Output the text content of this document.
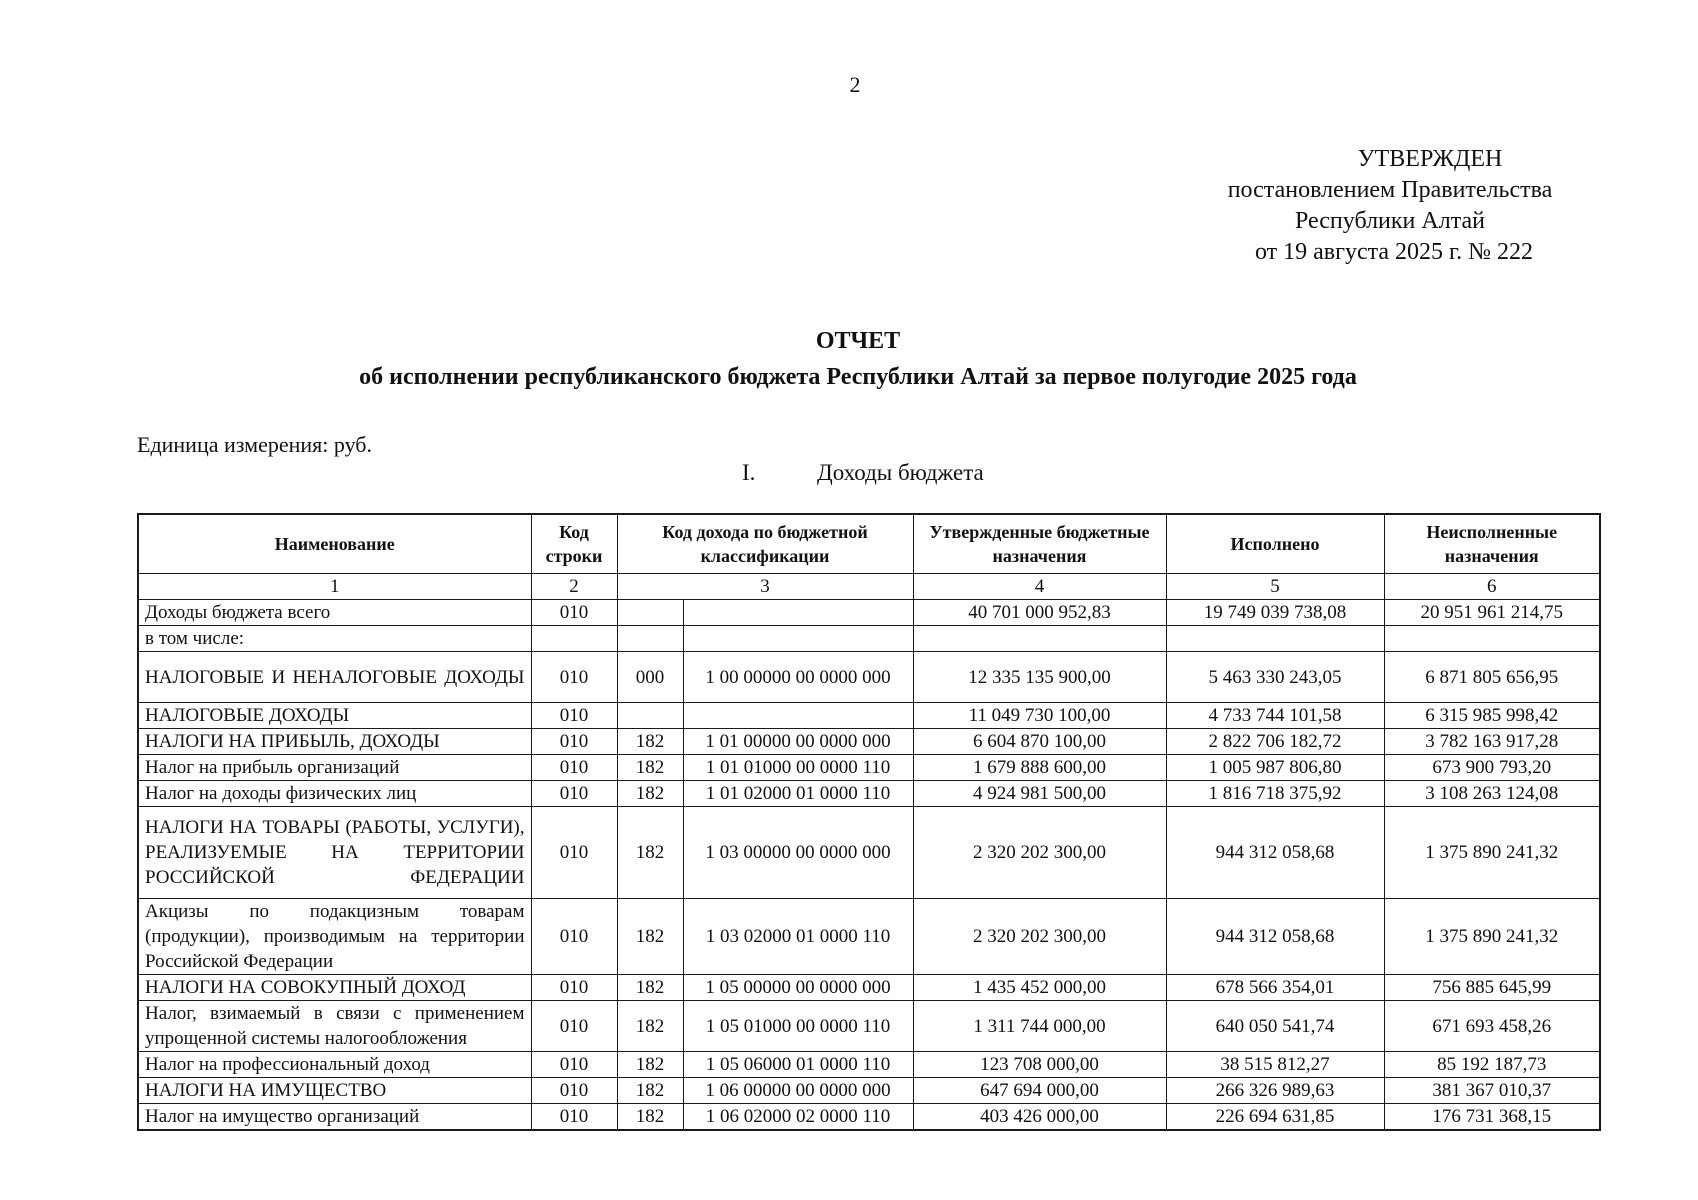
2
УТВЕРЖДЕН
постановлением Правительства
Республики Алтай
от 19 августа 2025 г. № 222
ОТЧЕТ
об исполнении республиканского бюджета Республики Алтай за первое полугодие 2025 года
Единица измерения: руб.
I.	Доходы бюджета
Наименование	Код строки	Код дохода по бюджетной классификации		Утвержденные бюджетные назначения	Исполнено	Неисполненные назначения
1	2	3		4	5	6
Доходы бюджета всего	010			40 701 000 952,83	19 749 039 738,08	20 951 961 214,75
в том числе:						
НАЛОГОВЫЕ И НЕНАЛОГОВЫЕ ДОХОДЫ	010	000	1 00 00000 00 0000 000	12 335 135 900,00	5 463 330 243,05	6 871 805 656,95
НАЛОГОВЫЕ ДОХОДЫ	010			11 049 730 100,00	4 733 744 101,58	6 315 985 998,42
НАЛОГИ НА ПРИБЫЛЬ, ДОХОДЫ	010	182	1 01 00000 00 0000 000	6 604 870 100,00	2 822 706 182,72	3 782 163 917,28
Налог на прибыль организаций	010	182	1 01 01000 00 0000 110	1 679 888 600,00	1 005 987 806,80	673 900 793,20
Налог на доходы физических лиц	010	182	1 01 02000 01 0000 110	4 924 981 500,00	1 816 718 375,92	3 108 263 124,08
НАЛОГИ НА ТОВАРЫ (РАБОТЫ, УСЛУГИ), РЕАЛИЗУЕМЫЕ НА ТЕРРИТОРИИ РОССИЙСКОЙ ФЕДЕРАЦИИ	010	182	1 03 00000 00 0000 000	2 320 202 300,00	944 312 058,68	1 375 890 241,32
Акцизы по подакцизным товарам (продукции), производимым на территории Российской Федерации	010	182	1 03 02000 01 0000 110	2 320 202 300,00	944 312 058,68	1 375 890 241,32
НАЛОГИ НА СОВОКУПНЫЙ ДОХОД	010	182	1 05 00000 00 0000 000	1 435 452 000,00	678 566 354,01	756 885 645,99
Налог, взимаемый в связи с применением упрощенной системы налогообложения	010	182	1 05 01000 00 0000 110	1 311 744 000,00	640 050 541,74	671 693 458,26
Налог на профессиональный доход	010	182	1 05 06000 01 0000 110	123 708 000,00	38 515 812,27	85 192 187,73
НАЛОГИ НА ИМУЩЕСТВО	010	182	1 06 00000 00 0000 000	647 694 000,00	266 326 989,63	381 367 010,37
Налог на имущество организаций	010	182	1 06 02000 02 0000 110	403 426 000,00	226 694 631,85	176 731 368,15
